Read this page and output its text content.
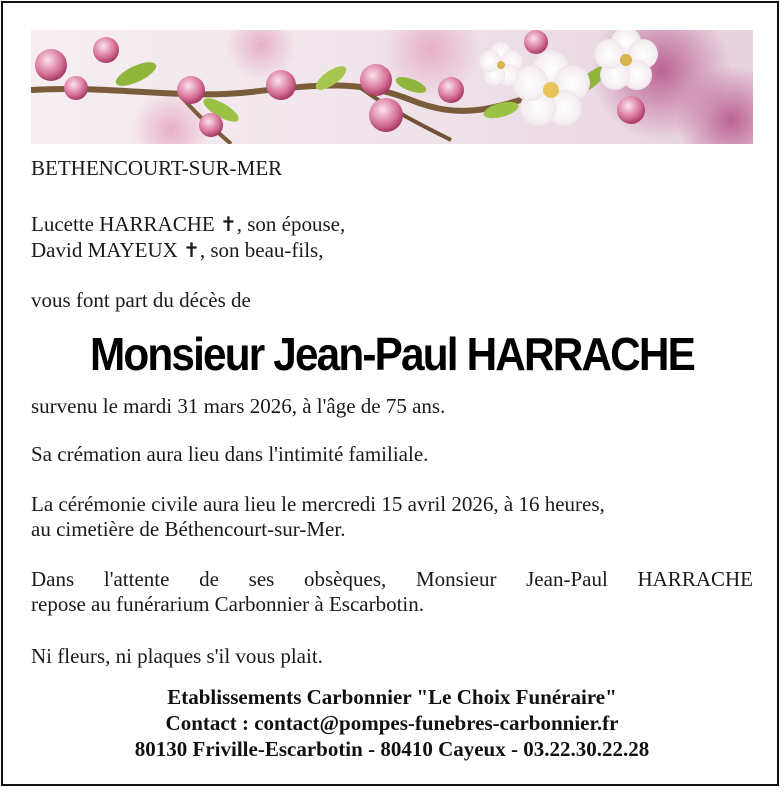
BETHENCOURT-SUR-MER
Lucette HARRACHE ✝, son épouse,
David MAYEUX ✝, son beau-fils,
vous font part du décès de
Monsieur Jean-Paul HARRACHE
survenu le mardi 31 mars 2026, à l'âge de 75 ans.
Sa crémation aura lieu dans l'intimité familiale.
La cérémonie civile aura lieu le mercredi 15 avril 2026, à 16 heures,
au cimetière de Béthencourt-sur-Mer.
Dans l'attente de ses obsèques, Monsieur Jean-Paul HARRACHE
repose au funérarium Carbonnier à Escarbotin.
Ni fleurs, ni plaques s'il vous plait.
Etablissements Carbonnier "Le Choix Funéraire"
Contact : contact@pompes-funebres-carbonnier.fr
80130 Friville-Escarbotin - 80410 Cayeux - 03.22.30.22.28
